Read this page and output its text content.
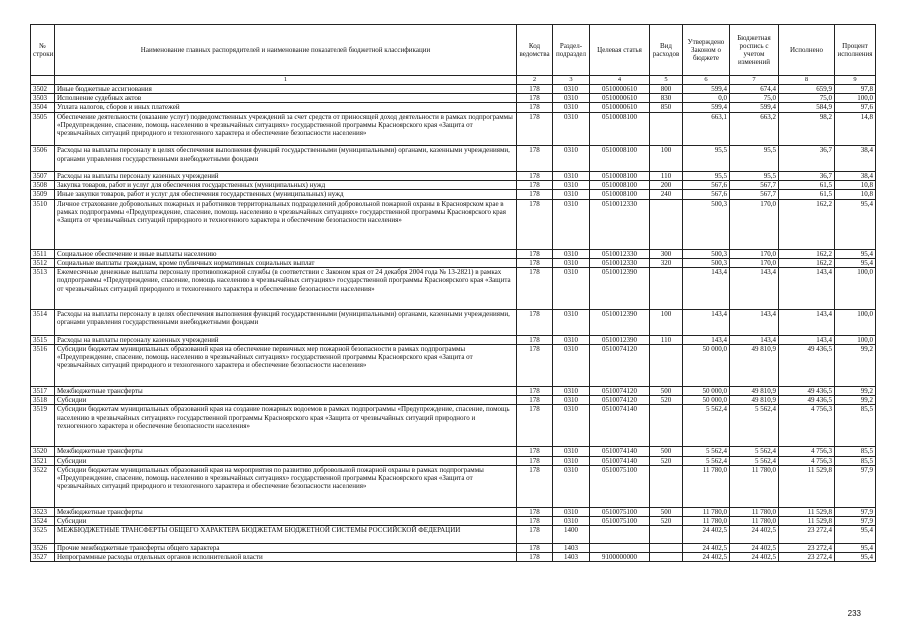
№ строки	Наименование главных распорядителей и наименование показателей бюджетной классификации	Код ведомства	Раздел-подраздел	Целевая статья	Вид расходов	Утверждено Законом о бюджете	Бюджетная роспись с учетом изменений	Исполнено	Процент исполнения
	1	2	3	4	5	6	7	8	9
3502	Иные бюджетные ассигнования	178	0310	0510000610	800	599,4	674,4	659,9	97,8
3503	Исполнение судебных актов	178	0310	0510000610	830	0,0	75,0	75,0	100,0
3504	Уплата налогов, сборов и иных платежей	178	0310	0510000610	850	599,4	599,4	584,9	97,6
3505	Обеспечение деятельности (оказание услуг) подведомственных учреждений за счет средств от приносящей доход деятельности в рамках подпрограммы «Предупреждение, спасение, помощь населению в чрезвычайных ситуациях» государственной программы Красноярского края «Защита от чрезвычайных ситуаций природного и техногенного характера и обеспечение безопасности населения»	178	0310	0510008100		663,1	663,2	98,2	14,8
3506	Расходы на выплаты персоналу в целях обеспечения выполнения функций государственными (муниципальными) органами, казенными учреждениями, органами управления государственными внебюджетными фондами	178	0310	0510008100	100	95,5	95,5	36,7	38,4
3507	Расходы на выплаты персоналу казенных учреждений	178	0310	0510008100	110	95,5	95,5	36,7	38,4
3508	Закупка товаров, работ и услуг для обеспечения государственных (муниципальных) нужд	178	0310	0510008100	200	567,6	567,7	61,5	10,8
3509	Иные закупки товаров, работ и услуг для обеспечения государственных (муниципальных) нужд	178	0310	0510008100	240	567,6	567,7	61,5	10,8
3510	Личное страхование добровольных пожарных и работников территориальных подразделений добровольной пожарной охраны в Красноярском крае в рамках подпрограммы «Предупреждение, спасение, помощь населению в чрезвычайных ситуациях» государственной программы Красноярского края «Защита от чрезвычайных ситуаций природного и техногенного характера и обеспечение безопасности населения»	178	0310	0510012330		500,3	170,0	162,2	95,4
3511	Социальное обеспечение и иные выплаты населению	178	0310	0510012330	300	500,3	170,0	162,2	95,4
3512	Социальные выплаты гражданам, кроме публичных нормативных социальных выплат	178	0310	0510012330	320	500,3	170,0	162,2	95,4
3513	Ежемесячные денежные выплаты персоналу противопожарной службы (в соответствии с Законом края от 24 декабря 2004 года № 13-2821) в рамках подпрограммы «Предупреждение, спасение, помощь населению в чрезвычайных ситуациях» государственной программы Красноярского края «Защита от чрезвычайных ситуаций природного и техногенного характера и обеспечение безопасности населения»	178	0310	0510012390		143,4	143,4	143,4	100,0
3514	Расходы на выплаты персоналу в целях обеспечения выполнения функций государственными (муниципальными) органами, казенными учреждениями, органами управления государственными внебюджетными фондами	178	0310	0510012390	100	143,4	143,4	143,4	100,0
3515	Расходы на выплаты персоналу казенных учреждений	178	0310	0510012390	110	143,4	143,4	143,4	100,0
3516	Субсидии бюджетам муниципальных образований края на обеспечение первичных мер пожарной безопасности в рамках подпрограммы «Предупреждение, спасение, помощь населению в чрезвычайных ситуациях» государственной программы Красноярского края «Защита от чрезвычайных ситуаций природного и техногенного характера и обеспечение безопасности населения»	178	0310	0510074120		50 000,0	49 810,9	49 436,5	99,2
3517	Межбюджетные трансферты	178	0310	0510074120	500	50 000,0	49 810,9	49 436,5	99,2
3518	Субсидии	178	0310	0510074120	520	50 000,0	49 810,9	49 436,5	99,2
3519	Субсидии бюджетам муниципальных образований края на создание пожарных водоемов в рамках подпрограммы «Предупреждение, спасение, помощь населению в чрезвычайных ситуациях» государственной программы Красноярского края «Защита от чрезвычайных ситуаций природного и техногенного характера и обеспечение безопасности населения»	178	0310	0510074140		5 562,4	5 562,4	4 756,3	85,5
3520	Межбюджетные трансферты	178	0310	0510074140	500	5 562,4	5 562,4	4 756,3	85,5
3521	Субсидии	178	0310	0510074140	520	5 562,4	5 562,4	4 756,3	85,5
3522	Субсидии бюджетам муниципальных образований края на мероприятия по развитию добровольной пожарной охраны в рамках подпрограммы «Предупреждение, спасение, помощь населению в чрезвычайных ситуациях» государственной программы Красноярского края «Защита от чрезвычайных ситуаций природного и техногенного характера и обеспечение безопасности населения»	178	0310	0510075100		11 780,0	11 780,0	11 529,8	97,9
3523	Межбюджетные трансферты	178	0310	0510075100	500	11 780,0	11 780,0	11 529,8	97,9
3524	Субсидии	178	0310	0510075100	520	11 780,0	11 780,0	11 529,8	97,9
3525	МЕЖБЮДЖЕТНЫЕ ТРАНСФЕРТЫ ОБЩЕГО ХАРАКТЕРА БЮДЖЕТАМ БЮДЖЕТНОЙ СИСТЕМЫ РОССИЙСКОЙ ФЕДЕРАЦИИ	178	1400			24 402,5	24 402,5	23 272,4	95,4
3526	Прочие межбюджетные трансферты общего характера	178	1403			24 402,5	24 402,5	23 272,4	95,4
3527	Непрограммные расходы отдельных органов исполнительной власти	178	1403	9100000000		24 402,5	24 402,5	23 272,4	95,4
233
